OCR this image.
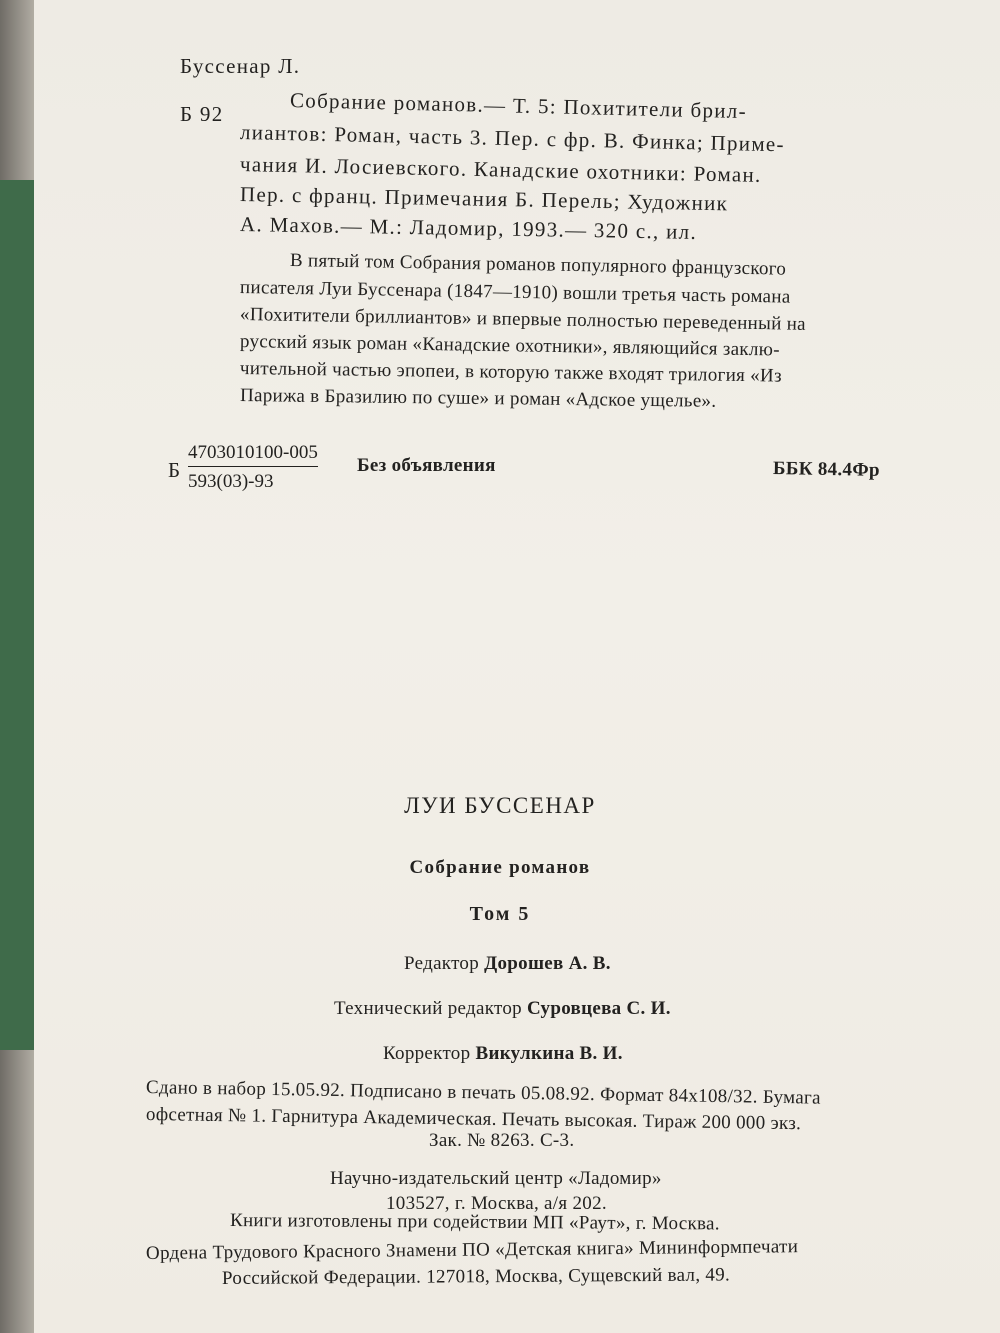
Буссенар Л.
Б 92	Собрание романов.— Т. 5: Похитители брил-
лиантов: Роман, часть 3. Пер. с фр. В. Финка; Приме-
чания И. Лосиевского. Канадские охотники: Роман.
Пер. с франц. Примечания Б. Перель; Художник
А. Махов.— М.: Ладомир, 1993.— 320 с., ил.
В пятый том Собрания романов популярного французского
писателя Луи Буссенара (1847—1910) вошли третья часть романа
«Похитители бриллиантов» и впервые полностью переведенный на
русский язык роман «Канадские охотники», являющийся заклю-
чительной частью эпопеи, в которую также входят трилогия «Из
Парижа в Бразилию по суше» и роман «Адское ущелье».
Б $\frac{4703010100-005}{593(03)-93}$ Без объявления	ББК 84.4Фр
ЛУИ БУССЕНАР
Собрание романов
Том 5
Редактор Дорошев А. В.
Технический редактор Суровцева С. И.
Корректор Викулкина В. И.
Сдано в набор 15.05.92. Подписано в печать 05.08.92. Формат 84x108/32. Бумага
офсетная № 1. Гарнитура Академическая. Печать высокая. Тираж 200 000 экз.
Зак. № 8263. С-3.
Научно-издательский центр «Ладомир»
103527, г. Москва, а/я 202.
Книги изготовлены при содействии МП «Раут», г. Москва.
Ордена Трудового Красного Знамени ПО «Детская книга» Мининформпечати
Российской Федерации. 127018, Москва, Сущевский вал, 49.
